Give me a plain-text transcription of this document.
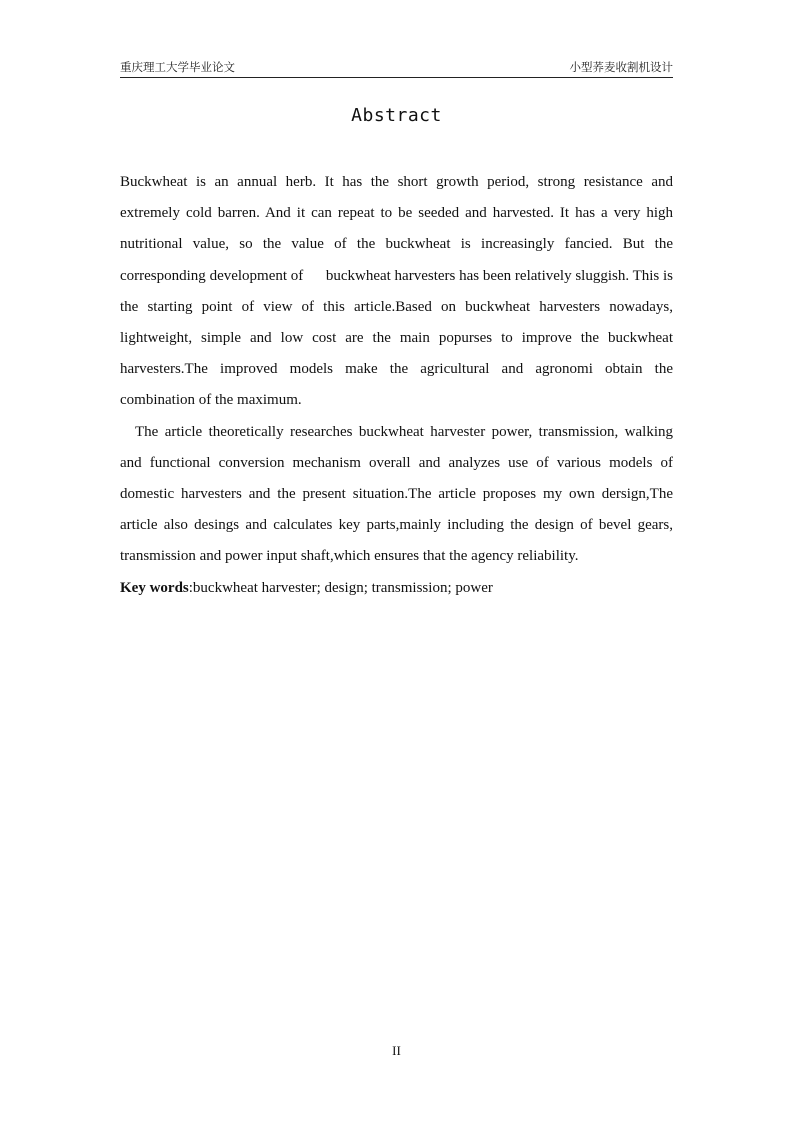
重庆理工大学毕业论文	小型荞麦收割机设计
Abstract

Buckwheat is an annual herb. It has the short growth period, strong resistance and extremely cold barren. And it can repeat to be seeded and harvested. It has a very high nutritional value, so the value of the buckwheat is increasingly fancied. But the corresponding development of      buckwheat harvesters has been relatively sluggish. This is the starting point of view of this article.Based on buckwheat harvesters nowadays, lightweight, simple and low cost are the main popurses to improve the buckwheat harvesters.The improved models make the agricultural and agronomi obtain the combination of the maximum.

The article theoretically researches buckwheat harvester power, transmission, walking and functional conversion mechanism overall and analyzes use of various models of domestic harvesters and the present situation.The article proposes my own dersign,The article also desings and calculates key parts,mainly including the design of bevel gears, transmission and power input shaft,which ensures that the agency reliability.

Key words:buckwheat harvester; design; transmission; power

II
